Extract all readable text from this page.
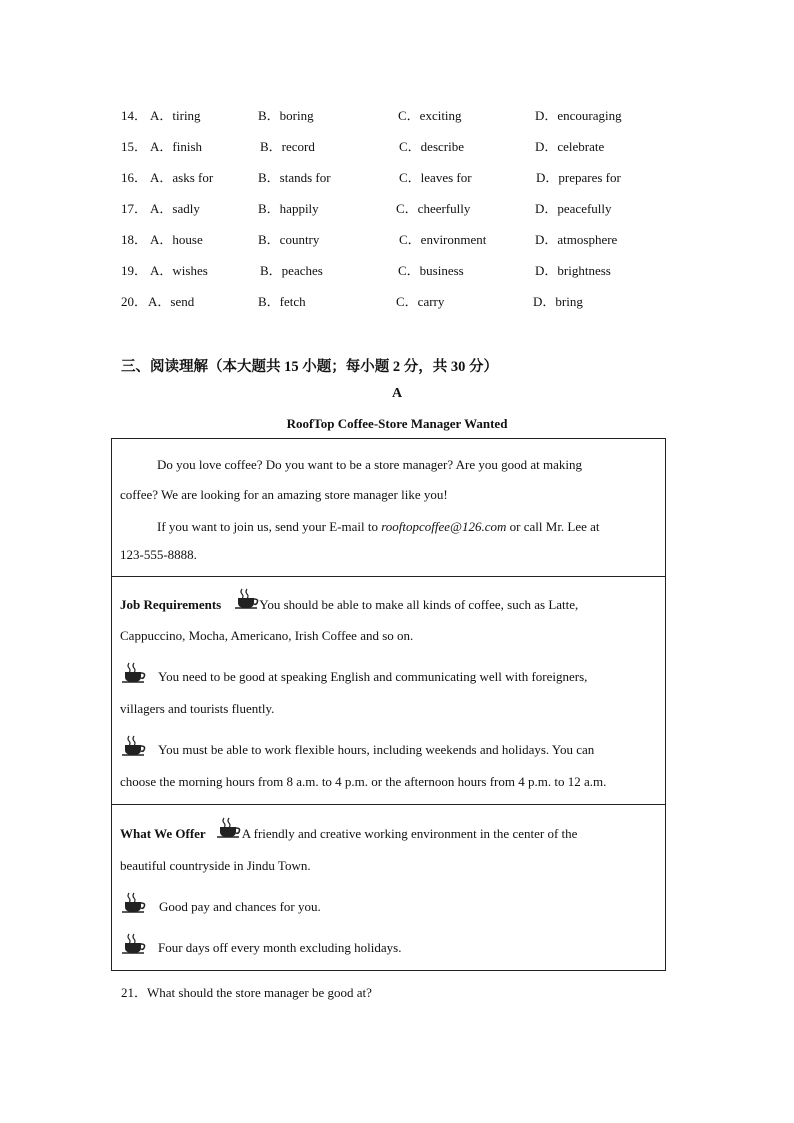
14． A．tiring	B．boring	C．exciting	D．encouraging
15． A．finish	B．record	C．describe	D．celebrate
16． A．asks for	B．stands for	C．leaves for	D．prepares for
17． A．sadly	B．happily	C．cheerfully	D．peacefully
18． A．house	B．country	C．environment	D．atmosphere
19． A．wishes	B．peaches	C．business	D．brightness
20． A．send	B．fetch	C．carry	D．bring
三、阅读理解（本大题共 15 小题；每小题 2 分，共 30 分）
A
RoofTop Coffee-Store Manager Wanted
Do you love coffee? Do you want to be a store manager? Are you good at making
coffee? We are looking for an amazing store manager like you!
If you want to join us, send your E-mail to rooftopcoffee@126.com or call Mr. Lee at
123-555-8888.
Job Requirements	You should be able to make all kinds of coffee, such as Latte,
Cappuccino, Mocha, Americano, Irish Coffee and so on.
You need to be good at speaking English and communicating well with foreigners,
villagers and tourists fluently.
You must be able to work flexible hours, including weekends and holidays. You can
choose the morning hours from 8 a.m. to 4 p.m. or the afternoon hours from 4 p.m. to 12 a.m.
What We Offer	A friendly and creative working environment in the center of the
beautiful countryside in Jindu Town.
Good pay and chances for you.
Four days off every month excluding holidays.
21．What should the store manager be good at?
